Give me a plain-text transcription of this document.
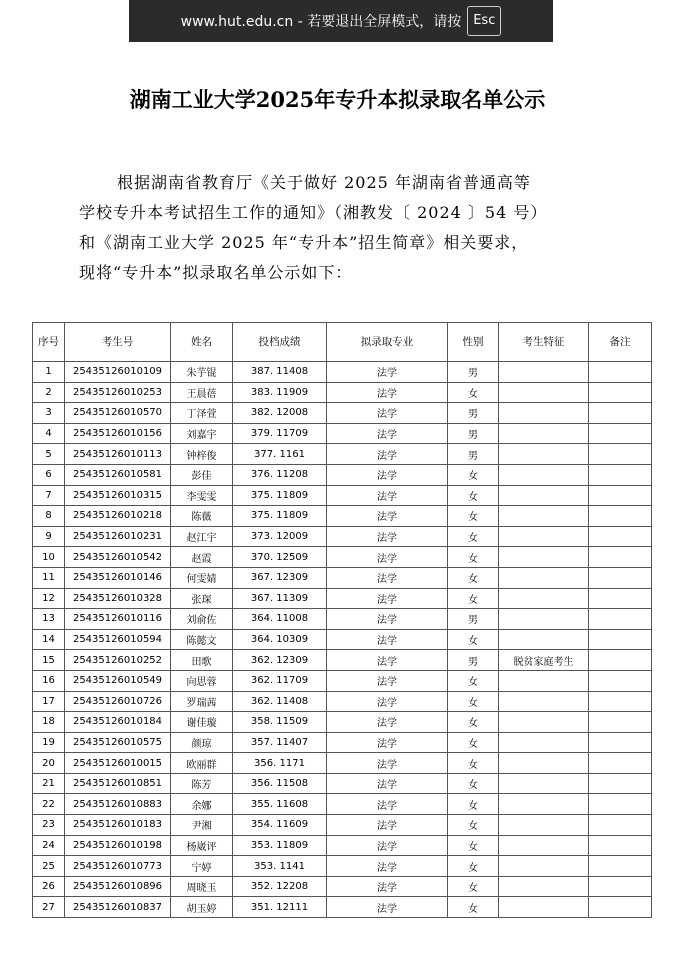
www.hut.edu.cn - 若要退出全屏模式，请按 Esc
湖南工业大学2025年专升本拟录取名单公示
根据湖南省教育厅《关于做好 2025 年湖南省普通高等
学校专升本考试招生工作的通知》（湘教发〔 2024 〕54 号）
和《湖南工业大学 2025 年“专升本”招生简章》相关要求，
现将“专升本”拟录取名单公示如下：
序号	考生号	姓名	投档成绩	拟录取专业	性别	考生特征	备注
1	25435126010109	朱芋锟	387. 11408	法学	男		
2	25435126010253	王晨蓓	383. 11909	法学	女		
3	25435126010570	丁泽萱	382. 12008	法学	男		
4	25435126010156	刘嘉宇	379. 11709	法学	男		
5	25435126010113	钟梓俊	377. 1161	法学	男		
6	25435126010581	彭佳	376. 11208	法学	女		
7	25435126010315	李雯雯	375. 11809	法学	女		
8	25435126010218	陈薇	375. 11809	法学	女		
9	25435126010231	赵江宇	373. 12009	法学	女		
10	25435126010542	赵霞	370. 12509	法学	女		
11	25435126010146	何雯婧	367. 12309	法学	女		
12	25435126010328	张琛	367. 11309	法学	女		
13	25435126010116	刘俞佐	364. 11008	法学	男		
14	25435126010594	陈懿文	364. 10309	法学	女		
15	25435126010252	田歌	362. 12309	法学	男	脱贫家庭考生	
16	25435126010549	向思蓉	362. 11709	法学	女		
17	25435126010726	罗瑞茜	362. 11408	法学	女		
18	25435126010184	谢佳璇	358. 11509	法学	女		
19	25435126010575	颜琼	357. 11407	法学	女		
20	25435126010015	欧丽群	356. 1171	法学	女		
21	25435126010851	陈芳	356. 11508	法学	女		
22	25435126010883	余娜	355. 11608	法学	女		
23	25435126010183	尹湘	354. 11609	法学	女		
24	25435126010198	杨崴评	353. 11809	法学	女		
25	25435126010773	宁婷	353. 1141	法学	女		
26	25435126010896	周晓玉	352. 12208	法学	女		
27	25435126010837	胡玉婷	351. 12111	法学	女		
